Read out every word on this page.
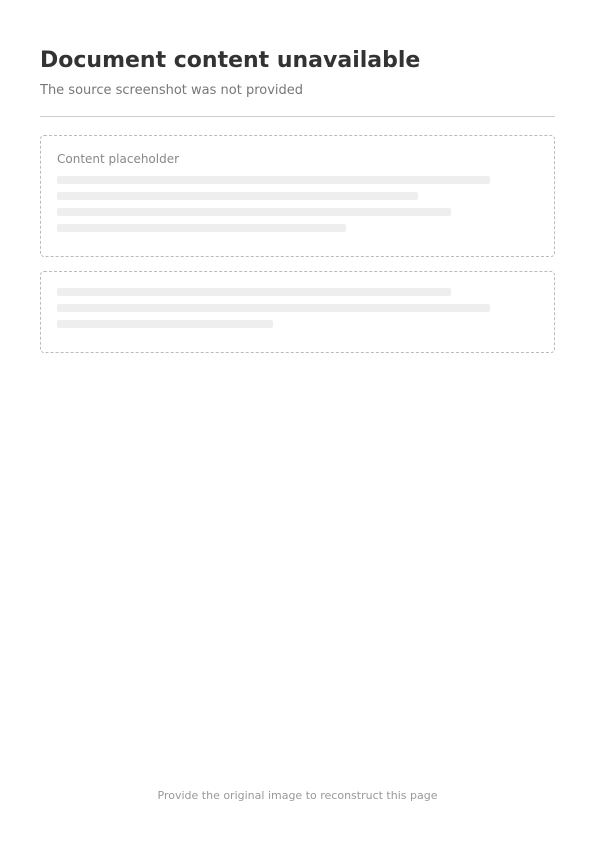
Document content unavailable

The source screenshot was not provided

Content placeholder
Provide the original image to reconstruct this page
